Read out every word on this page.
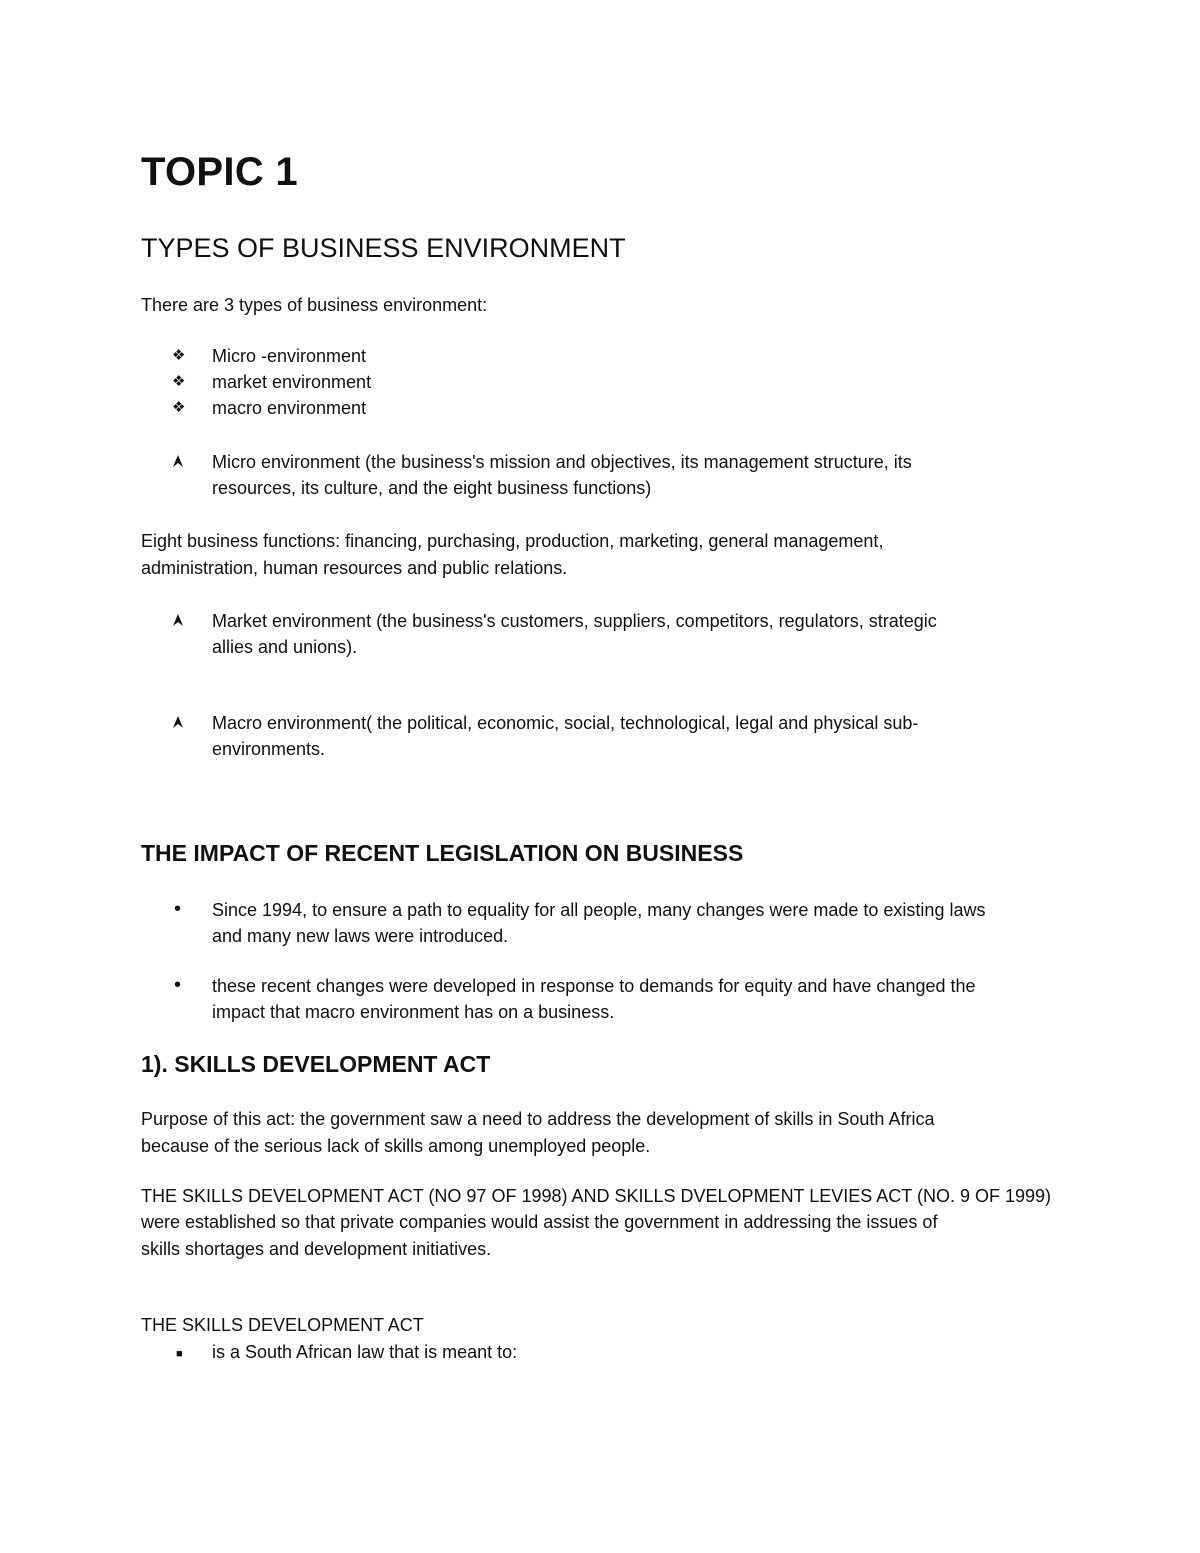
TOPIC 1
TYPES OF BUSINESS ENVIRONMENT
There are 3 types of business environment:
❖	Micro -environment
❖	market environment
❖	macro environment
Micro environment (the business's mission and objectives, its management structure, its
resources, its culture, and the eight business functions)
Eight business functions: financing, purchasing, production, marketing, general management,
administration, human resources and public relations.
Market environment (the business's customers, suppliers, competitors, regulators, strategic
allies and unions).
Macro environment( the political, economic, social, technological, legal and physical sub-
environments.
THE IMPACT OF RECENT LEGISLATION ON BUSINESS
•	Since 1994, to ensure a path to equality for all people, many changes were made to existing laws
and many new laws were introduced.
•	these recent changes were developed in response to demands for equity and have changed the
impact that macro environment has on a business.
1). SKILLS DEVELOPMENT ACT
Purpose of this act: the government saw a need to address the development of skills in South Africa
because of the serious lack of skills among unemployed people.
THE SKILLS DEVELOPMENT ACT (NO 97 OF 1998) AND SKILLS DVELOPMENT LEVIES ACT (NO. 9 OF 1999)
were established so that private companies would assist the government in addressing the issues of
skills shortages and development initiatives.
THE SKILLS DEVELOPMENT ACT
■	is a South African law that is meant to:
